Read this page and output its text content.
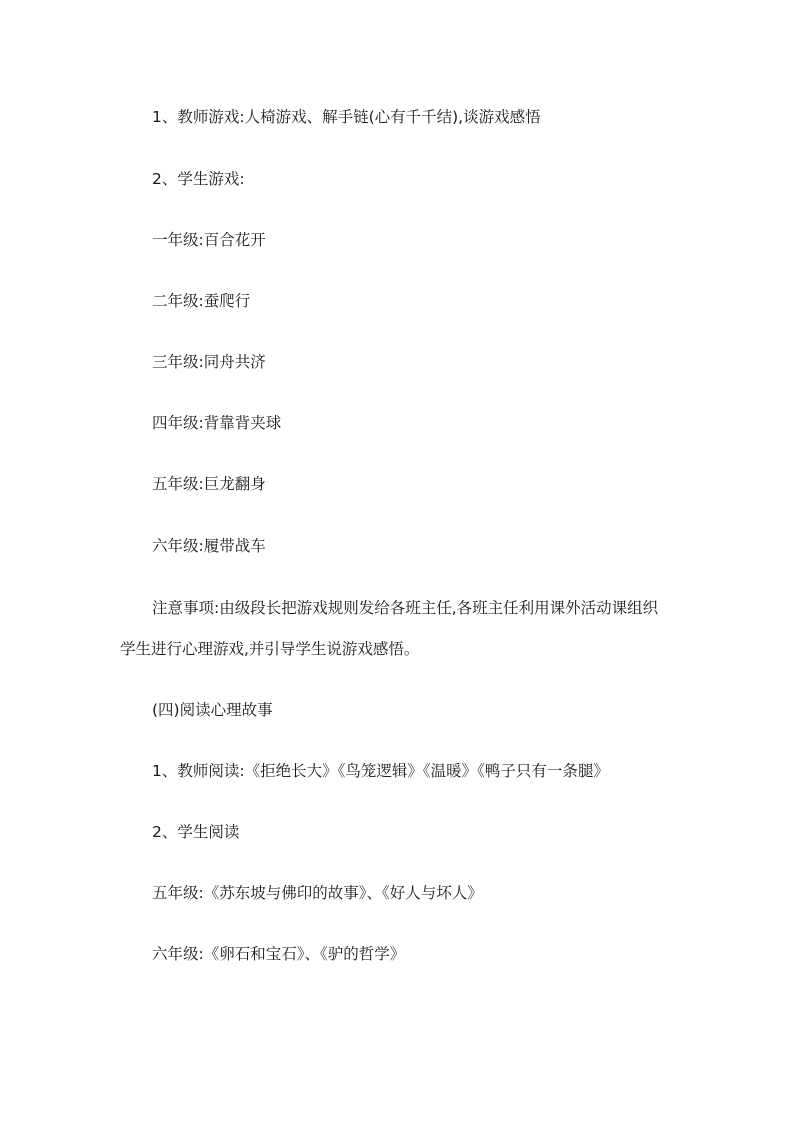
1、教师游戏:人椅游戏、解手链(心有千千结),谈游戏感悟
2、学生游戏:
一年级:百合花开
二年级:蚕爬行
三年级:同舟共济
四年级:背靠背夹球
五年级:巨龙翻身
六年级:履带战车
注意事项:由级段长把游戏规则发给各班主任,各班主任利用课外活动课组织
学生进行心理游戏,并引导学生说游戏感悟。
(四)阅读心理故事
1、教师阅读:《拒绝长大》《鸟笼逻辑》《温暖》《鸭子只有一条腿》
2、学生阅读
五年级:《苏东坡与佛印的故事》、《好人与坏人》
六年级:《卵石和宝石》、《驴的哲学》
